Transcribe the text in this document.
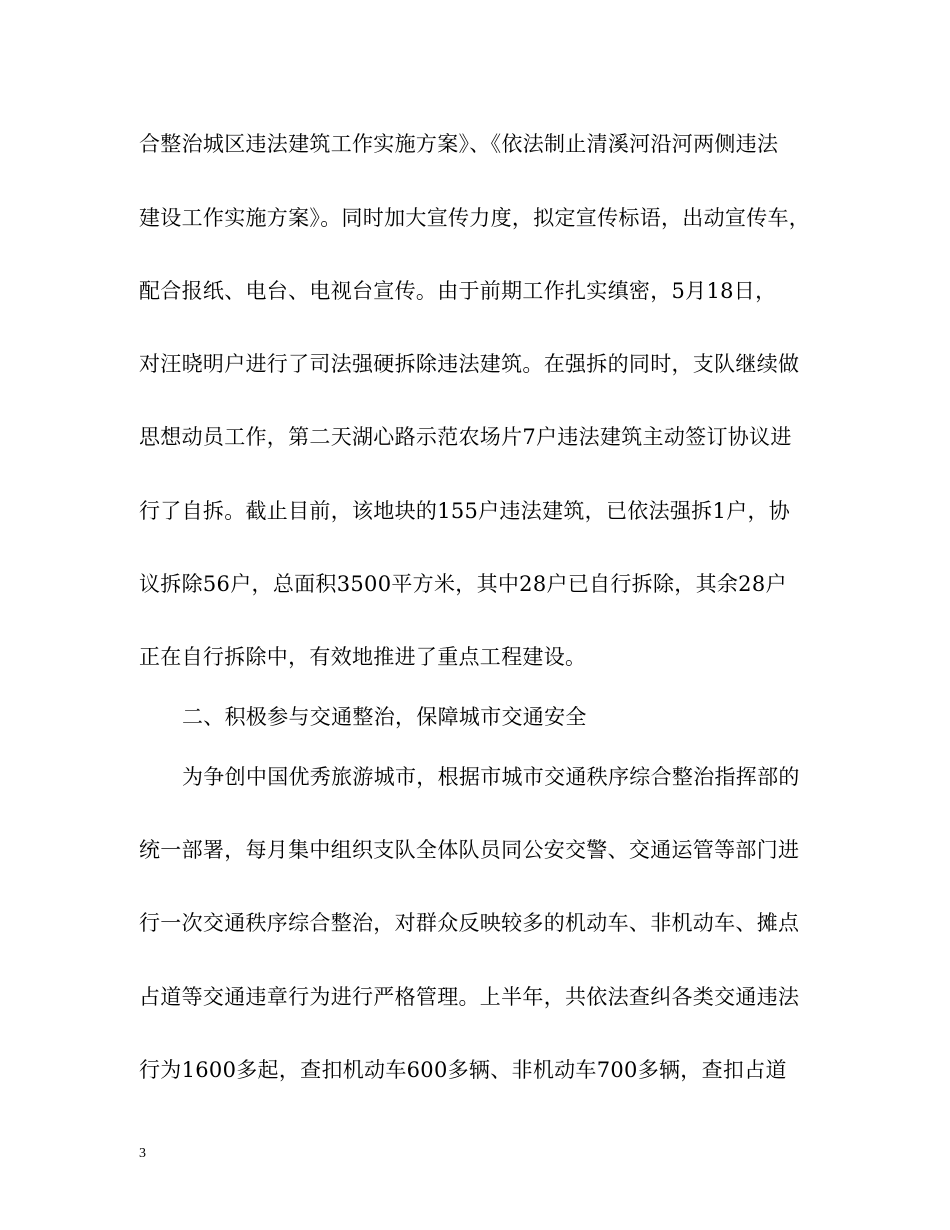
合整治城区违法建筑工作实施方案》、《依法制止清溪河沿河两侧违法
建设工作实施方案》。同时加大宣传力度，拟定宣传标语，出动宣传车，
配合报纸、电台、电视台宣传。由于前期工作扎实缜密，5月18日，
对汪晓明户进行了司法强硬拆除违法建筑。在强拆的同时，支队继续做
思想动员工作，第二天湖心路示范农场片7户违法建筑主动签订协议进
行了自拆。截止目前，该地块的155户违法建筑，已依法强拆1户，协
议拆除56户，总面积3500平方米，其中28户已自行拆除，其余28户
正在自行拆除中，有效地推进了重点工程建设。
二、积极参与交通整治，保障城市交通安全
为争创中国优秀旅游城市，根据市城市交通秩序综合整治指挥部的
统一部署，每月集中组织支队全体队员同公安交警、交通运管等部门进
行一次交通秩序综合整治，对群众反映较多的机动车、非机动车、摊点
占道等交通违章行为进行严格管理。上半年，共依法查纠各类交通违法
行为1600多起，查扣机动车600多辆、非机动车700多辆，查扣占道
3
